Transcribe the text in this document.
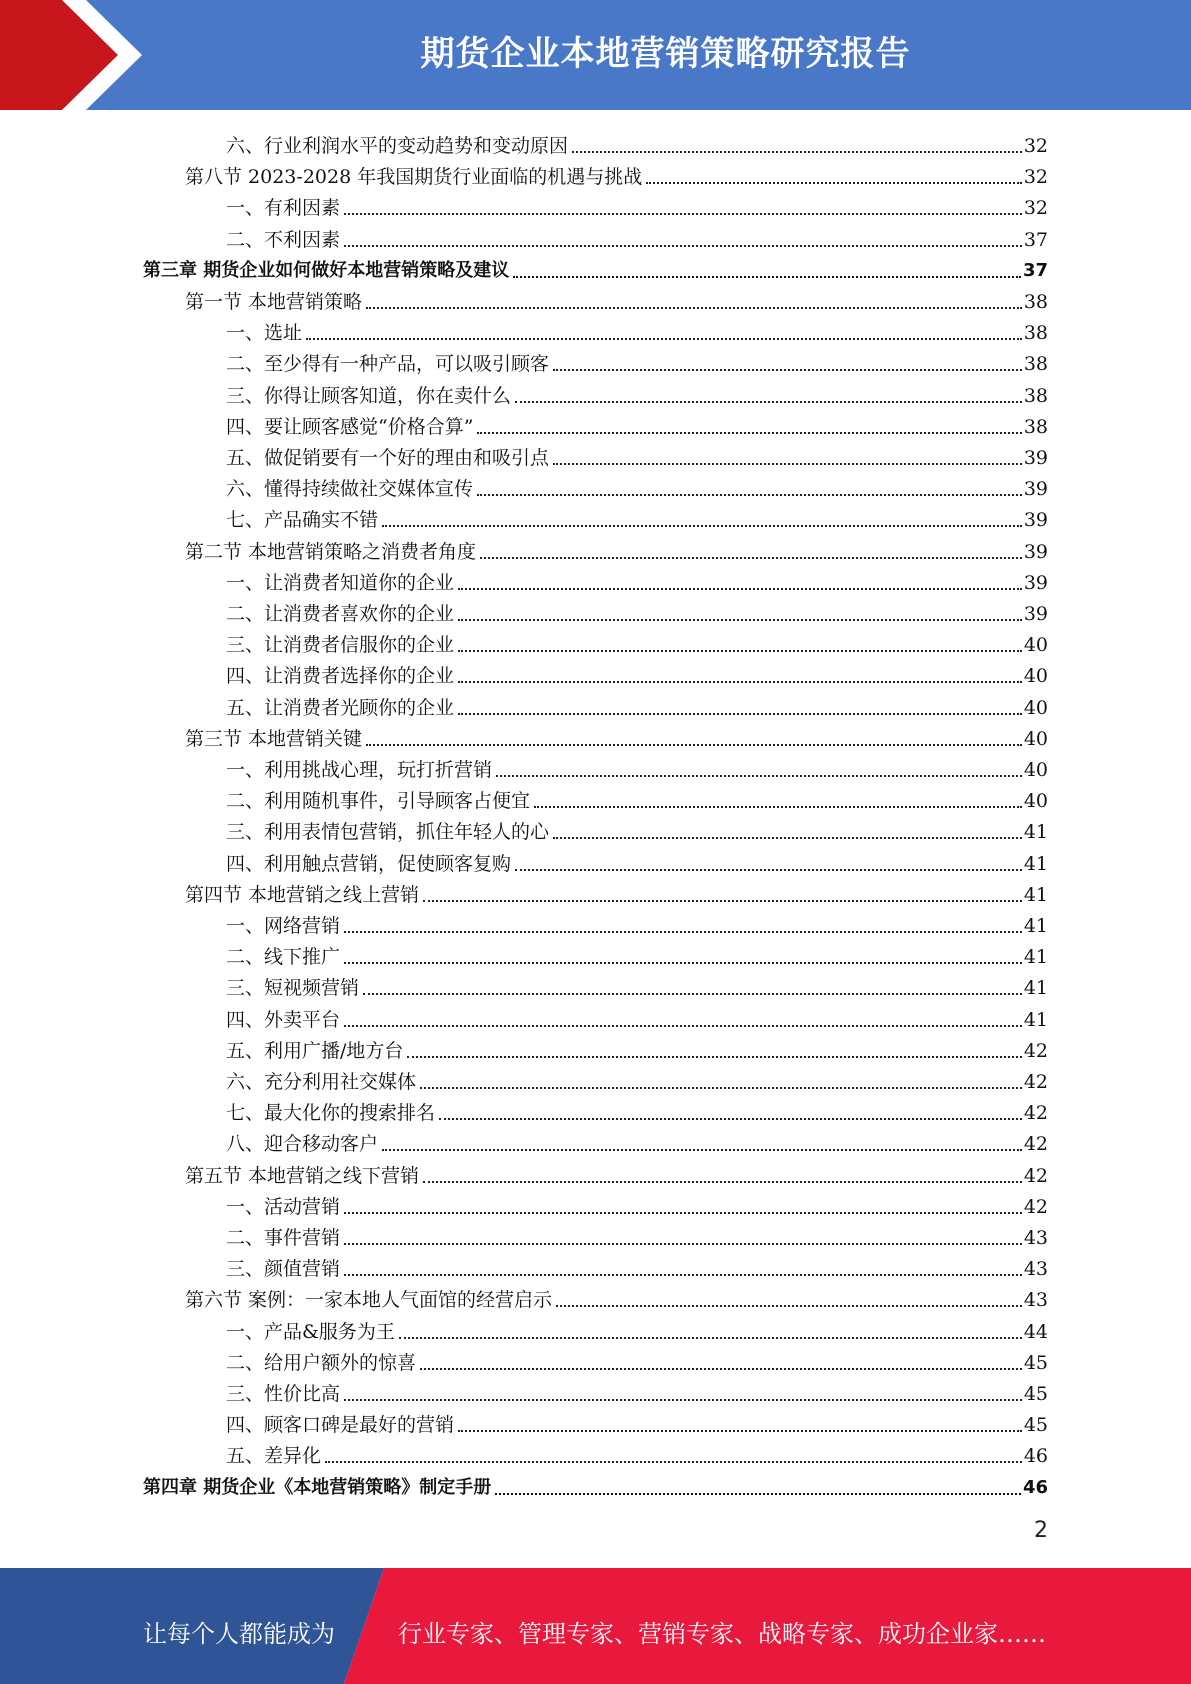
期货企业本地营销策略研究报告
六、行业利润水平的变动趋势和变动原因	32
第八节 2023-2028 年我国期货行业面临的机遇与挑战	32
一、有利因素	32
二、不利因素	37
第三章 期货企业如何做好本地营销策略及建议	37
第一节 本地营销策略	38
一、选址	38
二、至少得有一种产品，可以吸引顾客	38
三、你得让顾客知道，你在卖什么	38
四、要让顾客感觉“价格合算”	38
五、做促销要有一个好的理由和吸引点	39
六、懂得持续做社交媒体宣传	39
七、产品确实不错	39
第二节 本地营销策略之消费者角度	39
一、让消费者知道你的企业	39
二、让消费者喜欢你的企业	39
三、让消费者信服你的企业	40
四、让消费者选择你的企业	40
五、让消费者光顾你的企业	40
第三节 本地营销关键	40
一、利用挑战心理，玩打折营销	40
二、利用随机事件，引导顾客占便宜	40
三、利用表情包营销，抓住年轻人的心	41
四、利用触点营销，促使顾客复购	41
第四节 本地营销之线上营销	41
一、网络营销	41
二、线下推广	41
三、短视频营销	41
四、外卖平台	41
五、利用广播/地方台	42
六、充分利用社交媒体	42
七、最大化你的搜索排名	42
八、迎合移动客户	42
第五节 本地营销之线下营销	42
一、活动营销	42
二、事件营销	43
三、颜值营销	43
第六节 案例：一家本地人气面馆的经营启示	43
一、产品&服务为王	44
二、给用户额外的惊喜	45
三、性价比高	45
四、顾客口碑是最好的营销	45
五、差异化	46
第四章 期货企业《本地营销策略》制定手册	46
2
让每个人都能成为	行业专家、管理专家、营销专家、战略专家、成功企业家……
